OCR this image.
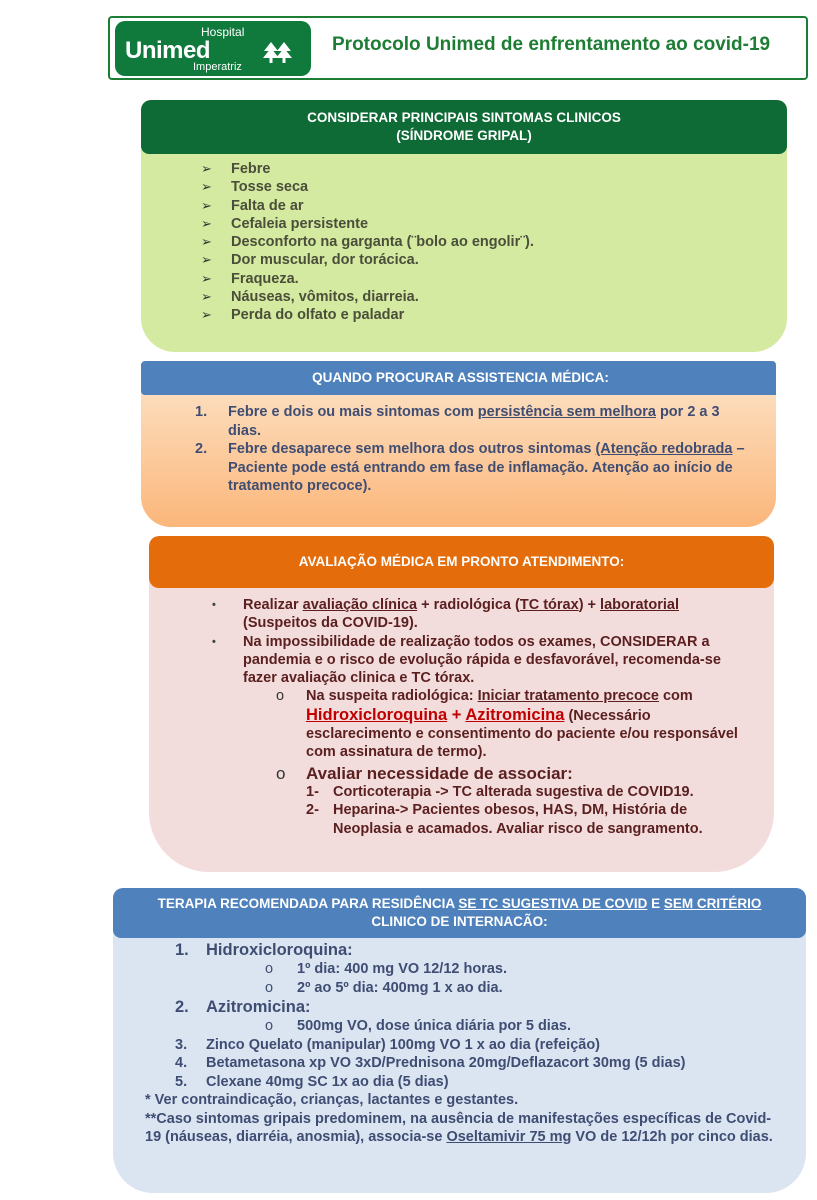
Hospital
Unimed
Imperatriz
Protocolo Unimed de enfrentamento ao covid-19
CONSIDERAR PRINCIPAIS SINTOMAS CLINICOS
(SÍNDROME GRIPAL)
➢ Febre
➢ Tosse seca
➢ Falta de ar
➢ Cefaleia persistente
➢ Desconforto na garganta (¨bolo ao engolir¨).
➢ Dor muscular, dor torácica.
➢ Fraqueza.
➢ Náuseas, vômitos, diarreia.
➢ Perda do olfato e paladar
QUANDO PROCURAR ASSISTENCIA MÉDICA:
1.	Febre e dois ou mais sintomas com persistência sem melhora por 2 a 3 dias.
2.	Febre desaparece sem melhora dos outros sintomas (Atenção redobrada – Paciente pode está entrando em fase de inflamação. Atenção ao início de tratamento precoce).
AVALIAÇÃO MÉDICA EM PRONTO ATENDIMENTO:
• Realizar avaliação clínica + radiológica (TC tórax) + laboratorial (Suspeitos da COVID-19).
• Na impossibilidade de realização todos os exames, CONSIDERAR a pandemia e o risco de evolução rápida e desfavorável, recomenda-se fazer avaliação clinica e TC tórax.
o Na suspeita radiológica: Iniciar tratamento precoce com
Hidroxicloroquina + Azitromicina (Necessário esclarecimento e consentimento do paciente e/ou responsável com assinatura de termo).
o Avaliar necessidade de associar:
1- Corticoterapia -> TC alterada sugestiva de COVID19.
2- Heparina-> Pacientes obesos, HAS, DM, História de Neoplasia e acamados. Avaliar risco de sangramento.
TERAPIA RECOMENDADA PARA RESIDÊNCIA SE TC SUGESTIVA DE COVID E SEM CRITÉRIO
CLINICO DE INTERNACÃO:
1.	Hidroxicloroquina:
o 1º dia: 400 mg VO 12/12 horas.
o 2º ao 5º dia: 400mg 1 x ao dia.
2.	Azitromicina:
o 500mg VO, dose única diária por 5 dias.
3.	Zinco Quelato (manipular) 100mg VO 1 x ao dia (refeição)
4.	Betametasona xp VO 3xD/Prednisona 20mg/Deflazacort 30mg (5 dias)
5.	Clexane 40mg SC 1x ao dia (5 dias)
* Ver contraindicação, crianças, lactantes e gestantes.
**Caso sintomas gripais predominem, na ausência de manifestações específicas de Covid-19 (náuseas, diarréia, anosmia), associa-se Oseltamivir 75 mg VO de 12/12h por cinco dias.
